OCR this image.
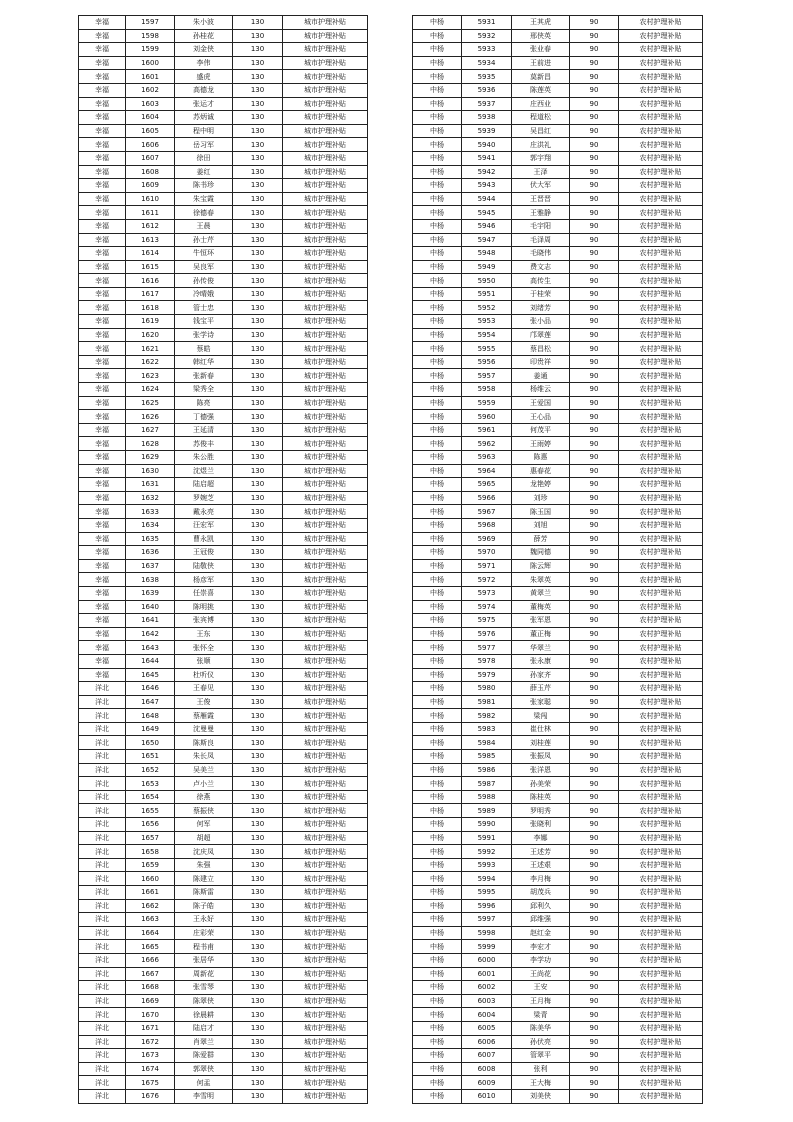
幸福	1597	朱小波	130	城市护理补贴
幸福	1598	孙桂花	130	城市护理补贴
幸福	1599	刘金侠	130	城市护理补贴
幸福	1600	李伟	130	城市护理补贴
幸福	1601	盛虎	130	城市护理补贴
幸福	1602	高德龙	130	城市护理补贴
幸福	1603	张运才	130	城市护理补贴
幸福	1604	苏炳诚	130	城市护理补贴
幸福	1605	程中明	130	城市护理补贴
幸福	1606	岳习军	130	城市护理补贴
幸福	1607	徐田	130	城市护理补贴
幸福	1608	姜红	130	城市护理补贴
幸福	1609	陈书珍	130	城市护理补贴
幸福	1610	朱宝霞	130	城市护理补贴
幸福	1611	徐德春	130	城市护理补贴
幸福	1612	王晨	130	城市护理补贴
幸福	1613	孙士芹	130	城市护理补贴
幸福	1614	牛恒环	130	城市护理补贴
幸福	1615	吴良军	130	城市护理补贴
幸福	1616	孙传俊	130	城市护理补贴
幸福	1617	冷晴娥	130	城市护理补贴
幸福	1618	管士忠	130	城市护理补贴
幸福	1619	钱宝平	130	城市护理补贴
幸福	1620	张学诗	130	城市护理补贴
幸福	1621	蔡皓	130	城市护理补贴
幸福	1622	韩红华	130	城市护理补贴
幸福	1623	张新春	130	城市护理补贴
幸福	1624	梁秀全	130	城市护理补贴
幸福	1625	陈亮	130	城市护理补贴
幸福	1626	丁德强	130	城市护理补贴
幸福	1627	王延清	130	城市护理补贴
幸福	1628	苏俊丰	130	城市护理补贴
幸福	1629	朱公胜	130	城市护理补贴
幸福	1630	沈煜兰	130	城市护理补贴
幸福	1631	陆启超	130	城市护理补贴
幸福	1632	罗婉芝	130	城市护理补贴
幸福	1633	戴永亮	130	城市护理补贴
幸福	1634	汪宏军	130	城市护理补贴
幸福	1635	曹永凯	130	城市护理补贴
幸福	1636	王冠俊	130	城市护理补贴
幸福	1637	陆敬侠	130	城市护理补贴
幸福	1638	杨彦军	130	城市护理补贴
幸福	1639	任崇喜	130	城市护理补贴
幸福	1640	陈明挑	130	城市护理补贴
幸福	1641	张宾博	130	城市护理补贴
幸福	1642	王东	130	城市护理补贴
幸福	1643	张怀全	130	城市护理补贴
幸福	1644	张顺	130	城市护理补贴
幸福	1645	杜听仪	130	城市护理补贴
洋北	1646	王春见	130	城市护理补贴
洋北	1647	王俊	130	城市护理补贴
洋北	1648	蔡雁霞	130	城市护理补贴
洋北	1649	沈曼曼	130	城市护理补贴
洋北	1650	陈斯良	130	城市护理补贴
洋北	1651	朱长凤	130	城市护理补贴
洋北	1652	吴美兰	130	城市护理补贴
洋北	1653	卢小兰	130	城市护理补贴
洋北	1654	徐燕	130	城市护理补贴
洋北	1655	蔡振侠	130	城市护理补贴
洋北	1656	何军	130	城市护理补贴
洋北	1657	胡超	130	城市护理补贴
洋北	1658	沈庆凤	130	城市护理补贴
洋北	1659	朱强	130	城市护理补贴
洋北	1660	陈建立	130	城市护理补贴
洋北	1661	陈斯雷	130	城市护理补贴
洋北	1662	陈子皓	130	城市护理补贴
洋北	1663	王永好	130	城市护理补贴
洋北	1664	庄彩荣	130	城市护理补贴
洋北	1665	程书甫	130	城市护理补贴
洋北	1666	张居华	130	城市护理补贴
洋北	1667	周新花	130	城市护理补贴
洋北	1668	张雪琴	130	城市护理补贴
洋北	1669	陈翠侠	130	城市护理补贴
洋北	1670	徐晨耕	130	城市护理补贴
洋北	1671	陆启才	130	城市护理补贴
洋北	1672	肖翠兰	130	城市护理补贴
洋北	1673	陈爱群	130	城市护理补贴
洋北	1674	郭翠侠	130	城市护理补贴
洋北	1675	何盂	130	城市护理补贴
洋北	1676	李雪明	130	城市护理补贴
中杨	5931	王其虎	90	农村护理补贴
中杨	5932	邢侠英	90	农村护理补贴
中杨	5933	张业春	90	农村护理补贴
中杨	5934	王前进	90	农村护理补贴
中杨	5935	莫新昌	90	农村护理补贴
中杨	5936	陈莲英	90	农村护理补贴
中杨	5937	庄西业	90	农村护理补贴
中杨	5938	程道松	90	农村护理补贴
中杨	5939	吴昌红	90	农村护理补贴
中杨	5940	庄洪礼	90	农村护理补贴
中杨	5941	郭宇翔	90	农村护理补贴
中杨	5942	王泽	90	农村护理补贴
中杨	5943	伏大军	90	农村护理补贴
中杨	5944	王晋晋	90	农村护理补贴
中杨	5945	王雅静	90	农村护理补贴
中杨	5946	毛宇阳	90	农村护理补贴
中杨	5947	毛泽周	90	农村护理补贴
中杨	5948	毛晓伟	90	农村护理补贴
中杨	5949	费文志	90	农村护理补贴
中杨	5950	高传生	90	农村护理补贴
中杨	5951	于桂荣	90	农村护理补贴
中杨	5952	刘绪芳	90	农村护理补贴
中杨	5953	张小品	90	农村护理补贴
中杨	5954	邝翠莲	90	农村护理补贴
中杨	5955	蔡昌松	90	农村护理补贴
中杨	5956	印贵祥	90	农村护理补贴
中杨	5957	姜通	90	农村护理补贴
中杨	5958	杨维云	90	农村护理补贴
中杨	5959	王爱国	90	农村护理补贴
中杨	5960	王心品	90	农村护理补贴
中杨	5961	何茂平	90	农村护理补贴
中杨	5962	王雨婷	90	农村护理补贴
中杨	5963	陈惠	90	农村护理补贴
中杨	5964	惠春花	90	农村护理补贴
中杨	5965	龙艳婷	90	农村护理补贴
中杨	5966	刘珍	90	农村护理补贴
中杨	5967	陈玉国	90	农村护理补贴
中杨	5968	刘旭	90	农村护理补贴
中杨	5969	薛芳	90	农村护理补贴
中杨	5970	魏同德	90	农村护理补贴
中杨	5971	陈云辉	90	农村护理补贴
中杨	5972	朱翠英	90	农村护理补贴
中杨	5973	黄翠兰	90	农村护理补贴
中杨	5974	董梅英	90	农村护理补贴
中杨	5975	张军恩	90	农村护理补贴
中杨	5976	董正梅	90	农村护理补贴
中杨	5977	华翠兰	90	农村护理补贴
中杨	5978	张永康	90	农村护理补贴
中杨	5979	孙家齐	90	农村护理补贴
中杨	5980	薛玉芹	90	农村护理补贴
中杨	5981	张家聪	90	农村护理补贴
中杨	5982	梁闯	90	农村护理补贴
中杨	5983	崔仕林	90	农村护理补贴
中杨	5984	刘桂莲	90	农村护理补贴
中杨	5985	张振凤	90	农村护理补贴
中杨	5986	张洋恩	90	农村护理补贴
中杨	5987	孙美荣	90	农村护理补贴
中杨	5988	陈桂英	90	农村护理补贴
中杨	5989	罗明秀	90	农村护理补贴
中杨	5990	张晓利	90	农村护理补贴
中杨	5991	李娜	90	农村护理补贴
中杨	5992	王述芳	90	农村护理补贴
中杨	5993	王述艰	90	农村护理补贴
中杨	5994	李月梅	90	农村护理补贴
中杨	5995	胡茂兵	90	农村护理补贴
中杨	5996	邱利久	90	农村护理补贴
中杨	5997	邱维强	90	农村护理补贴
中杨	5998	赵红金	90	农村护理补贴
中杨	5999	李宏才	90	农村护理补贴
中杨	6000	李学功	90	农村护理补贴
中杨	6001	王尚花	90	农村护理补贴
中杨	6002	王安	90	农村护理补贴
中杨	6003	王月梅	90	农村护理补贴
中杨	6004	梁青	90	农村护理补贴
中杨	6005	陈美华	90	农村护理补贴
中杨	6006	孙伏亮	90	农村护理补贴
中杨	6007	管翠平	90	农村护理补贴
中杨	6008	张利	90	农村护理补贴
中杨	6009	王大梅	90	农村护理补贴
中杨	6010	刘美侠	90	农村护理补贴
